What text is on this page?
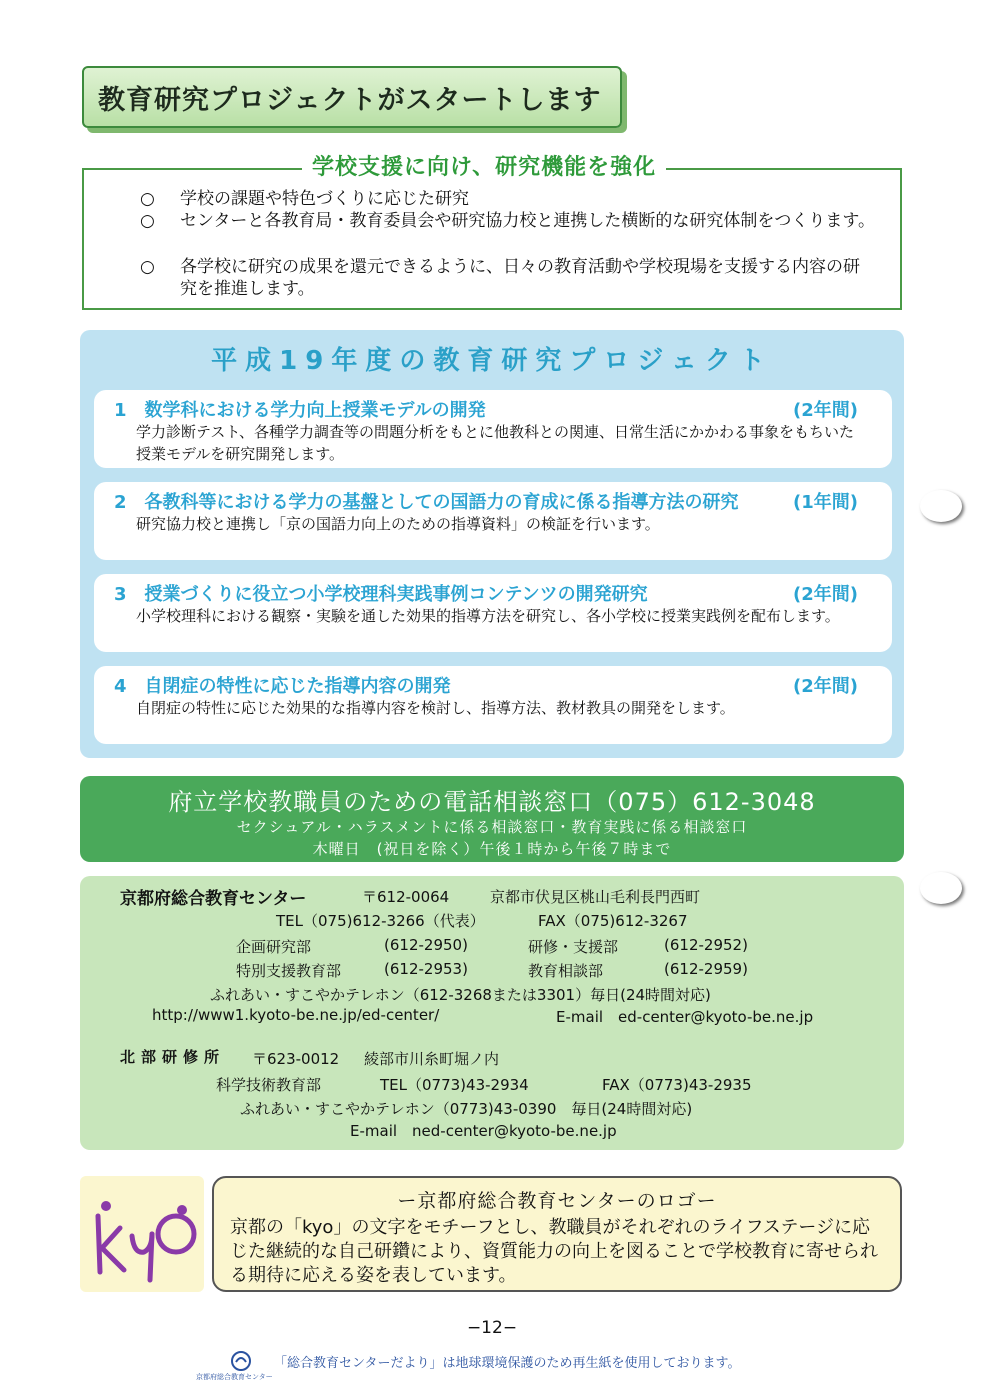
教育研究プロジェクトがスタートします
○ 学校の課題や特色づくりに応じた研究
○ センターと各教育局・教育委員会や研究協力校と連携した横断的な研究体制をつくります。
○ 各学校に研究の成果を還元できるように、日々の教育活動や学校現場を支援する内容の研究を推進します。
学校支援に向け、研究機能を強化
平成19年度の教育研究プロジェクト
1　数学科における学力向上授業モデルの開発	(2年間)
学力診断テスト、各種学力調査等の問題分析をもとに他教科との関連、日常生活にかかわる事象をもちいた授業モデルを研究開発します。
2　各教科等における学力の基盤としての国語力の育成に係る指導方法の研究	(1年間)
研究協力校と連携し「京の国語力向上のための指導資料」の検証を行います。
3　授業づくりに役立つ小学校理科実践事例コンテンツの開発研究	(2年間)
小学校理科における観察・実験を通した効果的指導方法を研究し、各小学校に授業実践例を配布します。
4　自閉症の特性に応じた指導内容の開発	(2年間)
自閉症の特性に応じた効果的な指導内容を検討し、指導方法、教材教具の開発をします。
府立学校教職員のための電話相談窓口（075）612-3048
セクシュアル・ハラスメントに係る相談窓口・教育実践に係る相談窓口
木曜日　(祝日を除く）午後１時から午後７時まで
京都府総合教育センター	〒612-0064	京都市伏見区桃山毛利長門西町
TEL（075)612-3266（代表）	FAX（075)612-3267
企画研究部	(612-2950)	研修・支援部	(612-2952)
特別支援教育部	(612-2953)	教育相談部	(612-2959)
ふれあい・すこやかテレホン（612-3268または3301）毎日(24時間対応)
http://www1.kyoto-be.ne.jp/ed-center/	E-mail　ed-center@kyoto-be.ne.jp
北部研修所 〒623-0012 綾部市川糸町堀ノ内
科学技術教育部	TEL（0773)43-2934	FAX（0773)43-2935
ふれあい・すこやかテレホン（0773)43-0390　毎日(24時間対応)
E-mail　ned-center@kyoto-be.ne.jp
ー京都府総合教育センターのロゴー
京都の「kyo」の文字をモチーフとし、教職員がそれぞれのライフステージに応じた継続的な自己研鑽により、資質能力の向上を図ることで学校教育に寄せられる期待に応える姿を表しています。
−12−
「総合教育センターだより」は地球環境保護のため再生紙を使用しております。
京都府総合教育センター
